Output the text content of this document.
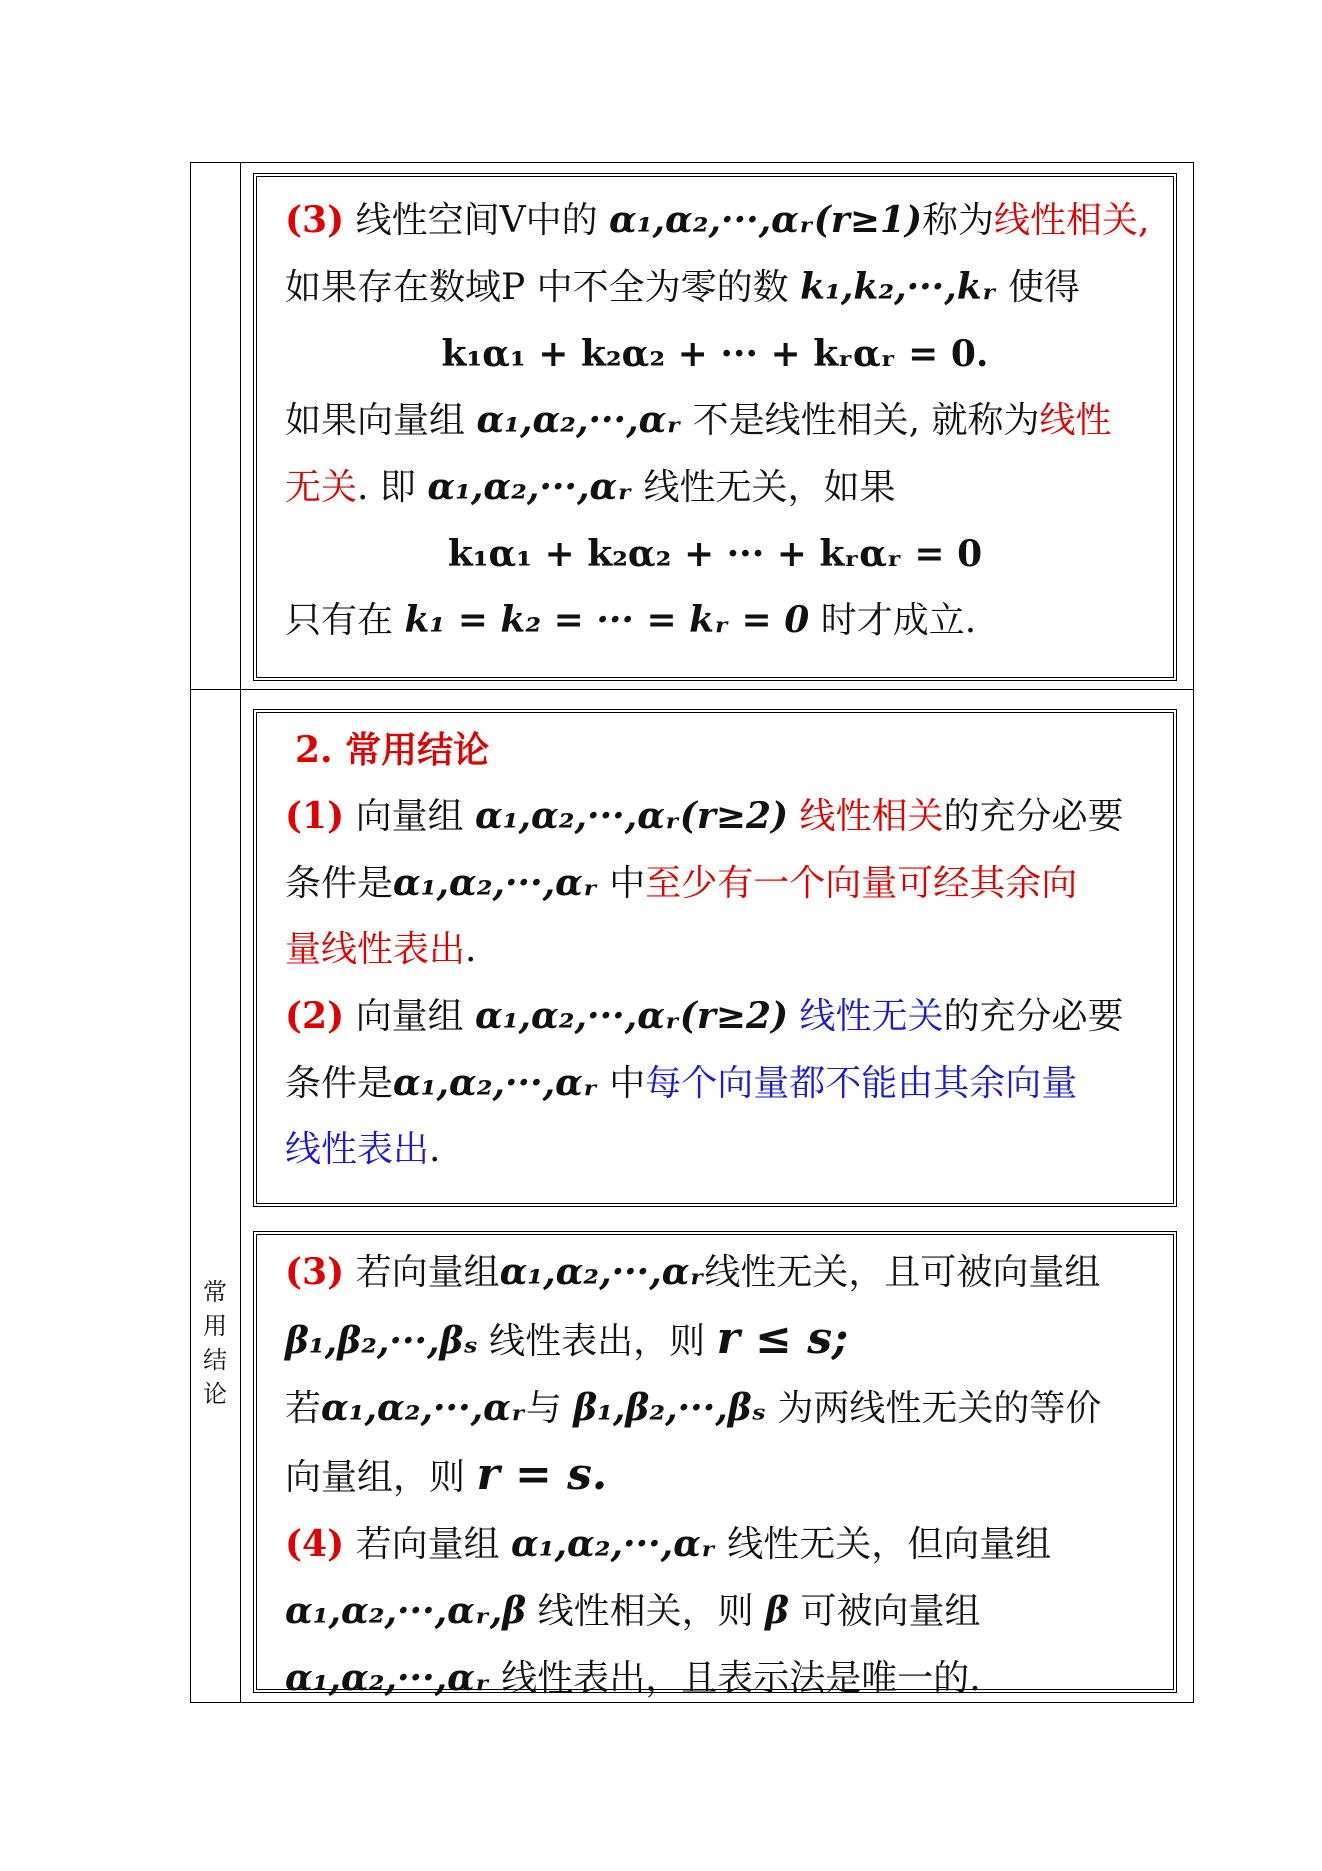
常
用
结
论
(3) 线性空间V中的 α₁,α₂,···,αᵣ(r≥1)称为线性相关,
如果存在数域P 中不全为零的数 k₁,k₂,···,kᵣ 使得
k₁α₁ + k₂α₂ + ··· + kᵣαᵣ = 0.
如果向量组 α₁,α₂,···,αᵣ 不是线性相关, 就称为线性
无关. 即 α₁,α₂,···,αᵣ 线性无关，如果
k₁α₁ + k₂α₂ + ··· + kᵣαᵣ = 0
只有在 k₁ = k₂ = ··· = kᵣ = 0 时才成立.
2. 常用结论
(1) 向量组 α₁,α₂,···,αᵣ(r≥2) 线性相关的充分必要
条件是α₁,α₂,···,αᵣ 中至少有一个向量可经其余向
量线性表出.
(2) 向量组 α₁,α₂,···,αᵣ(r≥2) 线性无关的充分必要
条件是α₁,α₂,···,αᵣ 中每个向量都不能由其余向量
线性表出.
(3) 若向量组α₁,α₂,···,αᵣ线性无关，且可被向量组
β₁,β₂,···,βₛ 线性表出，则 r ≤ s;
若α₁,α₂,···,αᵣ与 β₁,β₂,···,βₛ 为两线性无关的等价
向量组，则 r = s.
(4) 若向量组 α₁,α₂,···,αᵣ 线性无关，但向量组
α₁,α₂,···,αᵣ,β 线性相关，则 β 可被向量组
α₁,α₂,···,αᵣ 线性表出，且表示法是唯一的.
